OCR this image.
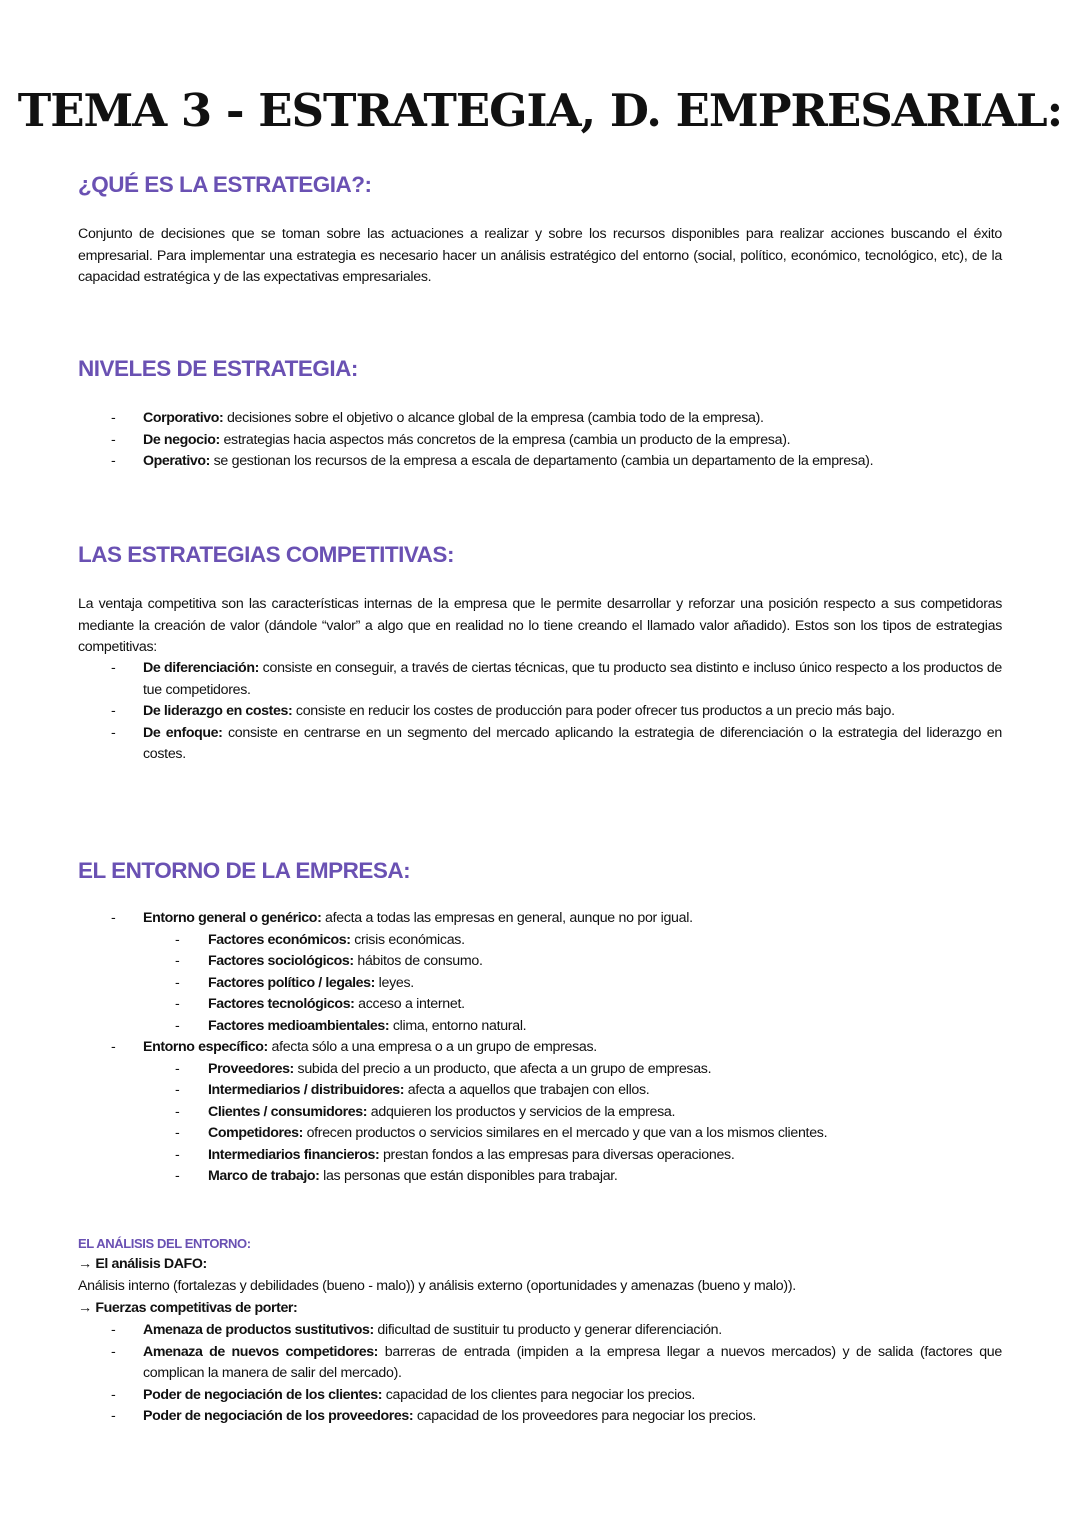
TEMA 3 - ESTRATEGIA, D. EMPRESARIAL:
¿QUÉ ES LA ESTRATEGIA?:

Conjunto de decisiones que se toman sobre las actuaciones a realizar y sobre los recursos disponibles para realizar acciones buscando el éxito empresarial. Para implementar una estrategia es necesario hacer un análisis estratégico del entorno (social, político, económico, tecnológico, etc), de la capacidad estratégica y de las expectativas empresariales.

NIVELES DE ESTRATEGIA:
- Corporativo: decisiones sobre el objetivo o alcance global de la empresa (cambia todo de la empresa).
- De negocio: estrategias hacia aspectos más concretos de la empresa (cambia un producto de la empresa).
- Operativo: se gestionan los recursos de la empresa a escala de departamento (cambia un departamento de la empresa).
LAS ESTRATEGIAS COMPETITIVAS:

La ventaja competitiva son las características internas de la empresa que le permite desarrollar y reforzar una posición respecto a sus competidoras mediante la creación de valor (dándole “valor” a algo que en realidad no lo tiene creando el llamado valor añadido). Estos son los tipos de estrategias competitivas:

- De diferenciación: consiste en conseguir, a través de ciertas técnicas, que tu producto sea distinto e incluso único respecto a los productos de tue competidores.
- De liderazgo en costes: consiste en reducir los costes de producción para poder ofrecer tus productos a un precio más bajo.
- De enfoque: consiste en centrarse en un segmento del mercado aplicando la estrategia de diferenciación o la estrategia del liderazgo en costes.
EL ENTORNO DE LA EMPRESA:
- Entorno general o genérico: afecta a todas las empresas en general, aunque no por igual.
- Factores económicos: crisis económicas.
- Factores sociológicos: hábitos de consumo.
- Factores político / legales: leyes.
- Factores tecnológicos: acceso a internet.
- Factores medioambientales: clima, entorno natural.
- Entorno específico: afecta sólo a una empresa o a un grupo de empresas.
- Proveedores: subida del precio a un producto, que afecta a un grupo de empresas.
- Intermediarios / distribuidores: afecta a aquellos que trabajen con ellos.
- Clientes / consumidores: adquieren los productos y servicios de la empresa.
- Competidores: ofrecen productos o servicios similares en el mercado y que van a los mismos clientes.
- Intermediarios financieros: prestan fondos a las empresas para diversas operaciones.
- Marco de trabajo: las personas que están disponibles para trabajar.
EL ANÁLISIS DEL ENTORNO:

→ El análisis DAFO:

Análisis interno (fortalezas y debilidades (bueno - malo)) y análisis externo (oportunidades y amenazas (bueno y malo)).

→ Fuerzas competitivas de porter:

- Amenaza de productos sustitutivos: dificultad de sustituir tu producto y generar diferenciación.
- Amenaza de nuevos competidores: barreras de entrada (impiden a la empresa llegar a nuevos mercados) y de salida (factores que complican la manera de salir del mercado).
- Poder de negociación de los clientes: capacidad de los clientes para negociar los precios.
- Poder de negociación de los proveedores: capacidad de los proveedores para negociar los precios.
